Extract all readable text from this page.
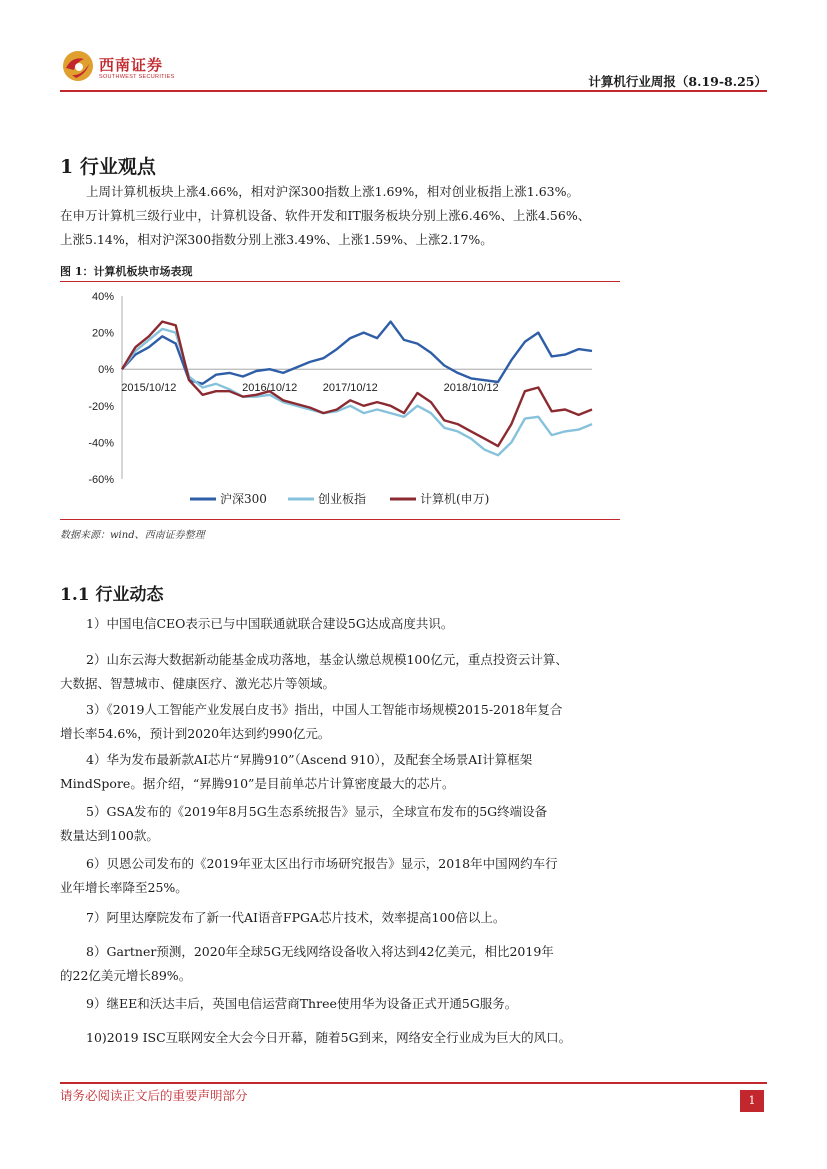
西南证券
SOUTHWEST SECURITIES	计算机行业周报（8.19-8.25）
1 行业观点
上周计算机板块上涨4.66%，相对沪深300指数上涨1.69%，相对创业板指上涨1.63%。
在申万计算机三级行业中，计算机设备、软件开发和IT服务板块分别上涨6.46%、上涨4.56%、
上涨5.14%，相对沪深300指数分别上涨3.49%、上涨1.59%、上涨2.17%。
图 1：计算机板块市场表现
40%
20%
0%
-20%
-40%
-60%
2015/10/12	2016/10/12 2017/10/12	2018/10/12
沪深300	创业板指	计算机(申万)
数据来源：wind、西南证券整理
1.1 行业动态
1）中国电信CEO表示已与中国联通就联合建设5G达成高度共识。
2）山东云海大数据新动能基金成功落地，基金认缴总规模100亿元，重点投资云计算、
大数据、智慧城市、健康医疗、激光芯片等领域。
3）《2019人工智能产业发展白皮书》指出，中国人工智能市场规模2015-2018年复合
增长率54.6%，预计到2020年达到约990亿元。
4）华为发布最新款AI芯片“昇腾910”（Ascend 910），及配套全场景AI计算框架
MindSpore。据介绍，“昇腾910”是目前单芯片计算密度最大的芯片。
5）GSA发布的《2019年8月5G生态系统报告》显示，全球宣布发布的5G终端设备
数量达到100款。
6）贝恩公司发布的《2019年亚太区出行市场研究报告》显示，2018年中国网约车行
业年增长率降至25%。
7）阿里达摩院发布了新一代AI语音FPGA芯片技术，效率提高100倍以上。
8）Gartner预测，2020年全球5G无线网络设备收入将达到42亿美元，相比2019年
的22亿美元增长89%。
9）继EE和沃达丰后，英国电信运营商Three使用华为设备正式开通5G服务。
10)2019 ISC互联网安全大会今日开幕，随着5G到来，网络安全行业成为巨大的风口。
请务必阅读正文后的重要声明部分	1
